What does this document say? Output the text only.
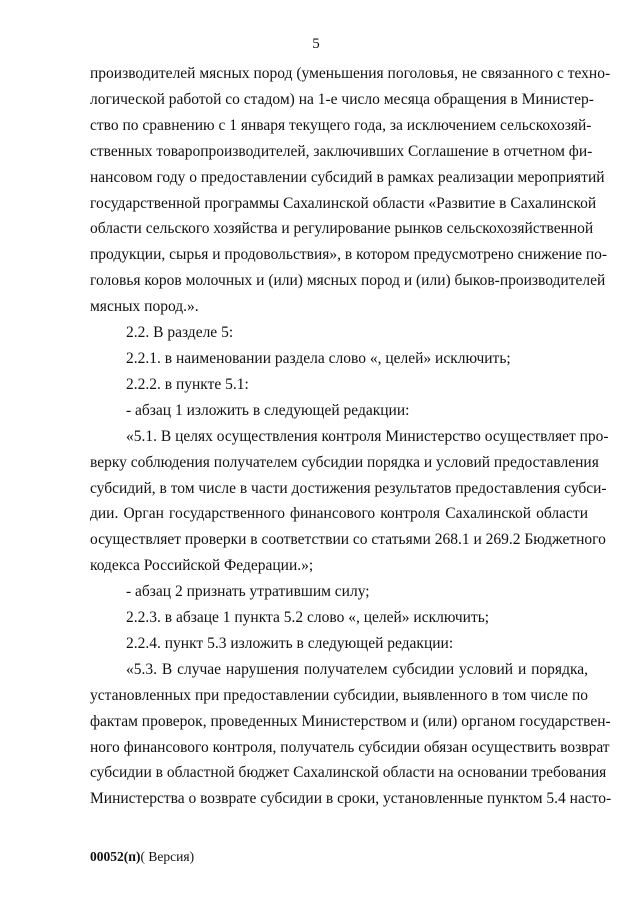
5
производителей мясных пород (уменьшения поголовья, не связанного с техно-
логической работой со стадом) на 1-е число месяца обращения в Министер-
ство по сравнению с 1 января текущего года, за исключением сельскохозяй-
ственных товаропроизводителей, заключивших Соглашение в отчетном фи-
нансовом году о предоставлении субсидий в рамках реализации мероприятий
государственной программы Сахалинской области «Развитие в Сахалинской
области сельского хозяйства и регулирование рынков сельскохозяйственной
продукции, сырья и продовольствия», в котором предусмотрено снижение по-
головья коров молочных и (или) мясных пород и (или) быков-производителей
мясных пород.».
2.2. В разделе 5:
2.2.1. в наименовании раздела слово «, целей» исключить;
2.2.2. в пункте 5.1:
- абзац 1 изложить в следующей редакции:
«5.1. В целях осуществления контроля Министерство осуществляет про-
верку соблюдения получателем субсидии порядка и условий предоставления
субсидий, в том числе в части достижения результатов предоставления субси-
дии. Орган государственного финансового контроля Сахалинской области
осуществляет проверки в соответствии со статьями 268.1 и 269.2 Бюджетного
кодекса Российской Федерации.»;
- абзац 2 признать утратившим силу;
2.2.3. в абзаце 1 пункта 5.2 слово «, целей» исключить;
2.2.4. пункт 5.3 изложить в следующей редакции:
«5.3. В случае нарушения получателем субсидии условий и порядка,
установленных при предоставлении субсидии, выявленного в том числе по
фактам проверок, проведенных Министерством и (или) органом государствен-
ного финансового контроля, получатель субсидии обязан осуществить возврат
субсидии в областной бюджет Сахалинской области на основании требования
Министерства о возврате субсидии в сроки, установленные пунктом 5.4 насто-
00052(п)( Версия)
